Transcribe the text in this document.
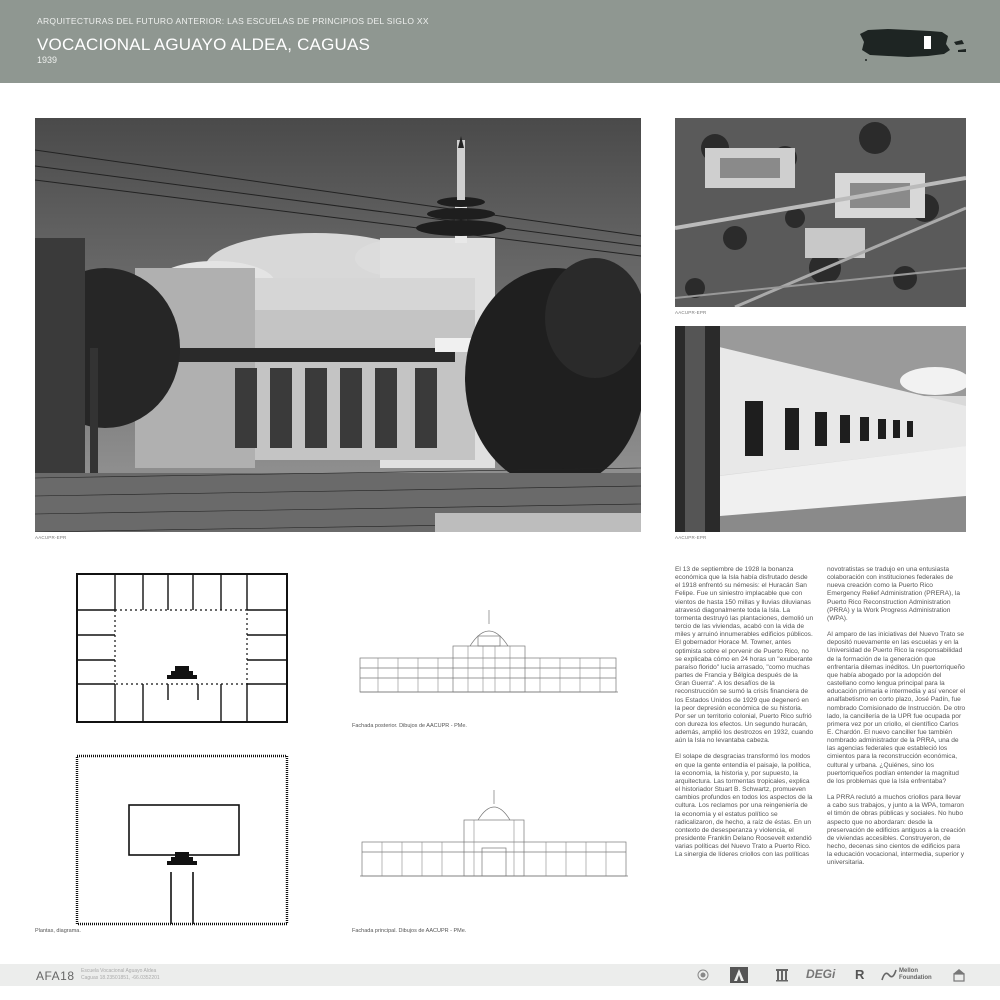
ARQUITECTURAS DEL FUTURO ANTERIOR: LAS ESCUELAS DE PRINCIPIOS DEL SIGLO XX
VOCACIONAL AGUAYO ALDEA, CAGUAS
1939
AACUPR-EPR
AACUPR-EPR
AACUPR-EPR
Plantas, diagrama.
Fachada posterior. Dibujos de AACUPR - PMe.
Fachada principal. Dibujos de AACUPR - PMe.

El 13 de septiembre de 1928 la bonanza económica que la Isla había disfrutado desde el 1918 enfrentó su némesis: el Huracán San Felipe. Fue un siniestro implacable que con vientos de hasta 150 millas y lluvias diluvianas atravesó diagonalmente toda la Isla. La tormenta destruyó las plantaciones, demolió un tercio de las viviendas, acabó con la vida de miles y arruinó innumerables edificios públicos. El gobernador Horace M. Towner, antes optimista sobre el porvenir de Puerto Rico, no se explicaba cómo en 24 horas un "exuberante paraíso florido" lucía arrasado, "como muchas partes de Francia y Bélgica después de la Gran Guerra". A los desafíos de la reconstrucción se sumó la crisis financiera de los Estados Unidos de 1929 que degeneró en la peor depresión económica de su historia. Por ser un territorio colonial, Puerto Rico sufrió con dureza los efectos. Un segundo huracán, además, amplió los destrozos en 1932, cuando aún la Isla no levantaba cabeza.

El solape de desgracias transformó los modos en que la gente entendía el paisaje, la política, la economía, la historia y, por supuesto, la arquitectura. Las tormentas tropicales, explica el historiador Stuart B. Schwartz, promueven cambios profundos en todos los aspectos de la cultura. Los reclamos por una reingeniería de la economía y el estatus político se radicalizaron, de hecho, a raíz de éstas. En un contexto de desesperanza y violencia, el presidente Franklin Delano Roosevelt extendió varias políticas del Nuevo Trato a Puerto Rico. La sinergia de líderes criollos con las políticas

novotratistas se tradujo en una entusiasta colaboración con instituciones federales de nueva creación como la Puerto Rico Emergency Relief Administration (PRERA), la Puerto Rico Reconstruction Administration (PRRA) y la Work Progress Administration (WPA).

Al amparo de las iniciativas del Nuevo Trato se depositó nuevamente en las escuelas y en la Universidad de Puerto Rico la responsabilidad de la formación de la generación que enfrentaría dilemas inéditos. Un puertorriqueño que había abogado por la adopción del castellano como lengua principal para la educación primaria e intermedia y así vencer el analfabetismo en corto plazo, José Padín, fue nombrado Comisionado de Instrucción. De otro lado, la cancillería de la UPR fue ocupada por primera vez por un criollo, el científico Carlos E. Chardón. El nuevo canciller fue también nombrado administrador de la PRRA, una de las agencias federales que estableció los cimientos para la reconstrucción económica, cultural y urbana. ¿Quiénes, sino los puertorriqueños podían entender la magnitud de los problemas que la Isla enfrentaba?

La PRRA reclutó a muchos criollos para llevar a cabo sus trabajos, y junto a la WPA, tomaron el timón de obras públicas y sociales. No hubo aspecto que no abordaran: desde la preservación de edificios antiguos a la creación de viviendas accesibles. Construyeron, de hecho, decenas sino cientos de edificios para la educación vocacional, intermedia, superior y universitaria.

AFA18 Escuela Vocacional Aguayo Aldea
Caguas 18.23501851, -66.0352201	DEGi R	Mellon
Foundation
